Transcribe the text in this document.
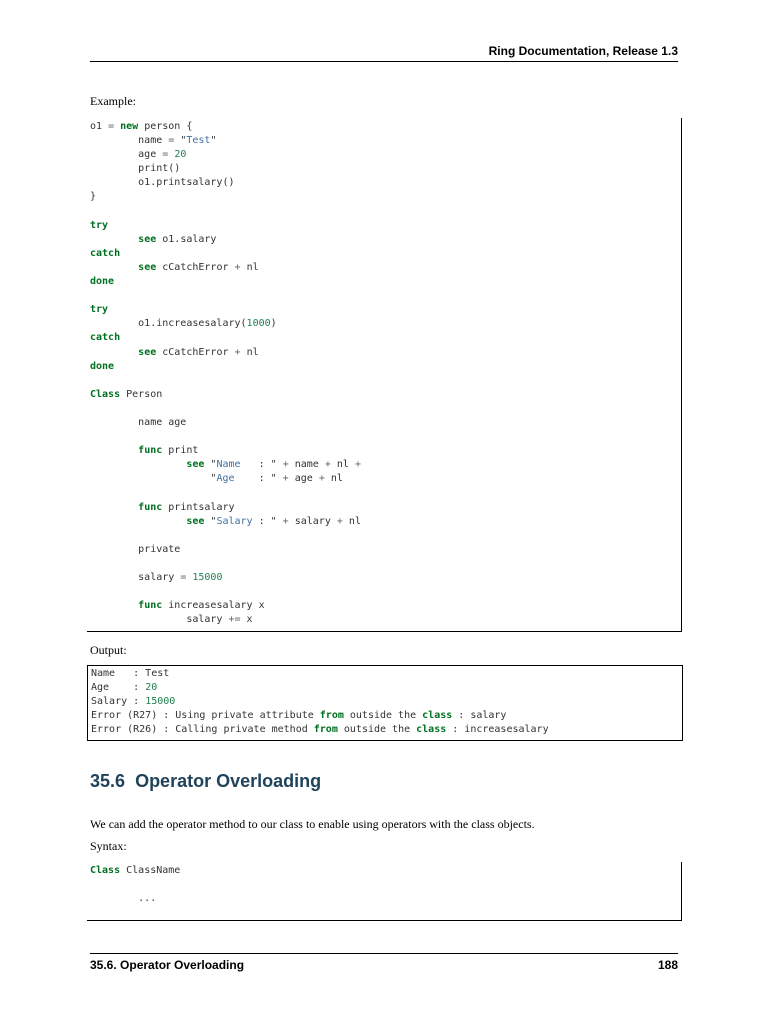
Ring Documentation, Release 1.3
Example:
o1 = new person {
name = "Test"
age = 20
print()
o1.printsalary()
}

try
see o1.salary
catch
see cCatchError + nl
done

try
o1.increasesalary(1000)
catch
see cCatchError + nl
done

Class Person

name age

func print
see "Name   : " + name + nl +
"Age    : " + age + nl

func printsalary
see "Salary : " + salary + nl

private

salary = 15000

func increasesalary x
salary += x
Output:
Name   : Test
Age    : 20
Salary : 15000
Error (R27) : Using private attribute from outside the class : salary
Error (R26) : Calling private method from outside the class : increasesalary
35.6 Operator Overloading
We can add the operator method to our class to enable using operators with the class objects.
Syntax:
Class ClassName

...
35.6. Operator Overloading	188
